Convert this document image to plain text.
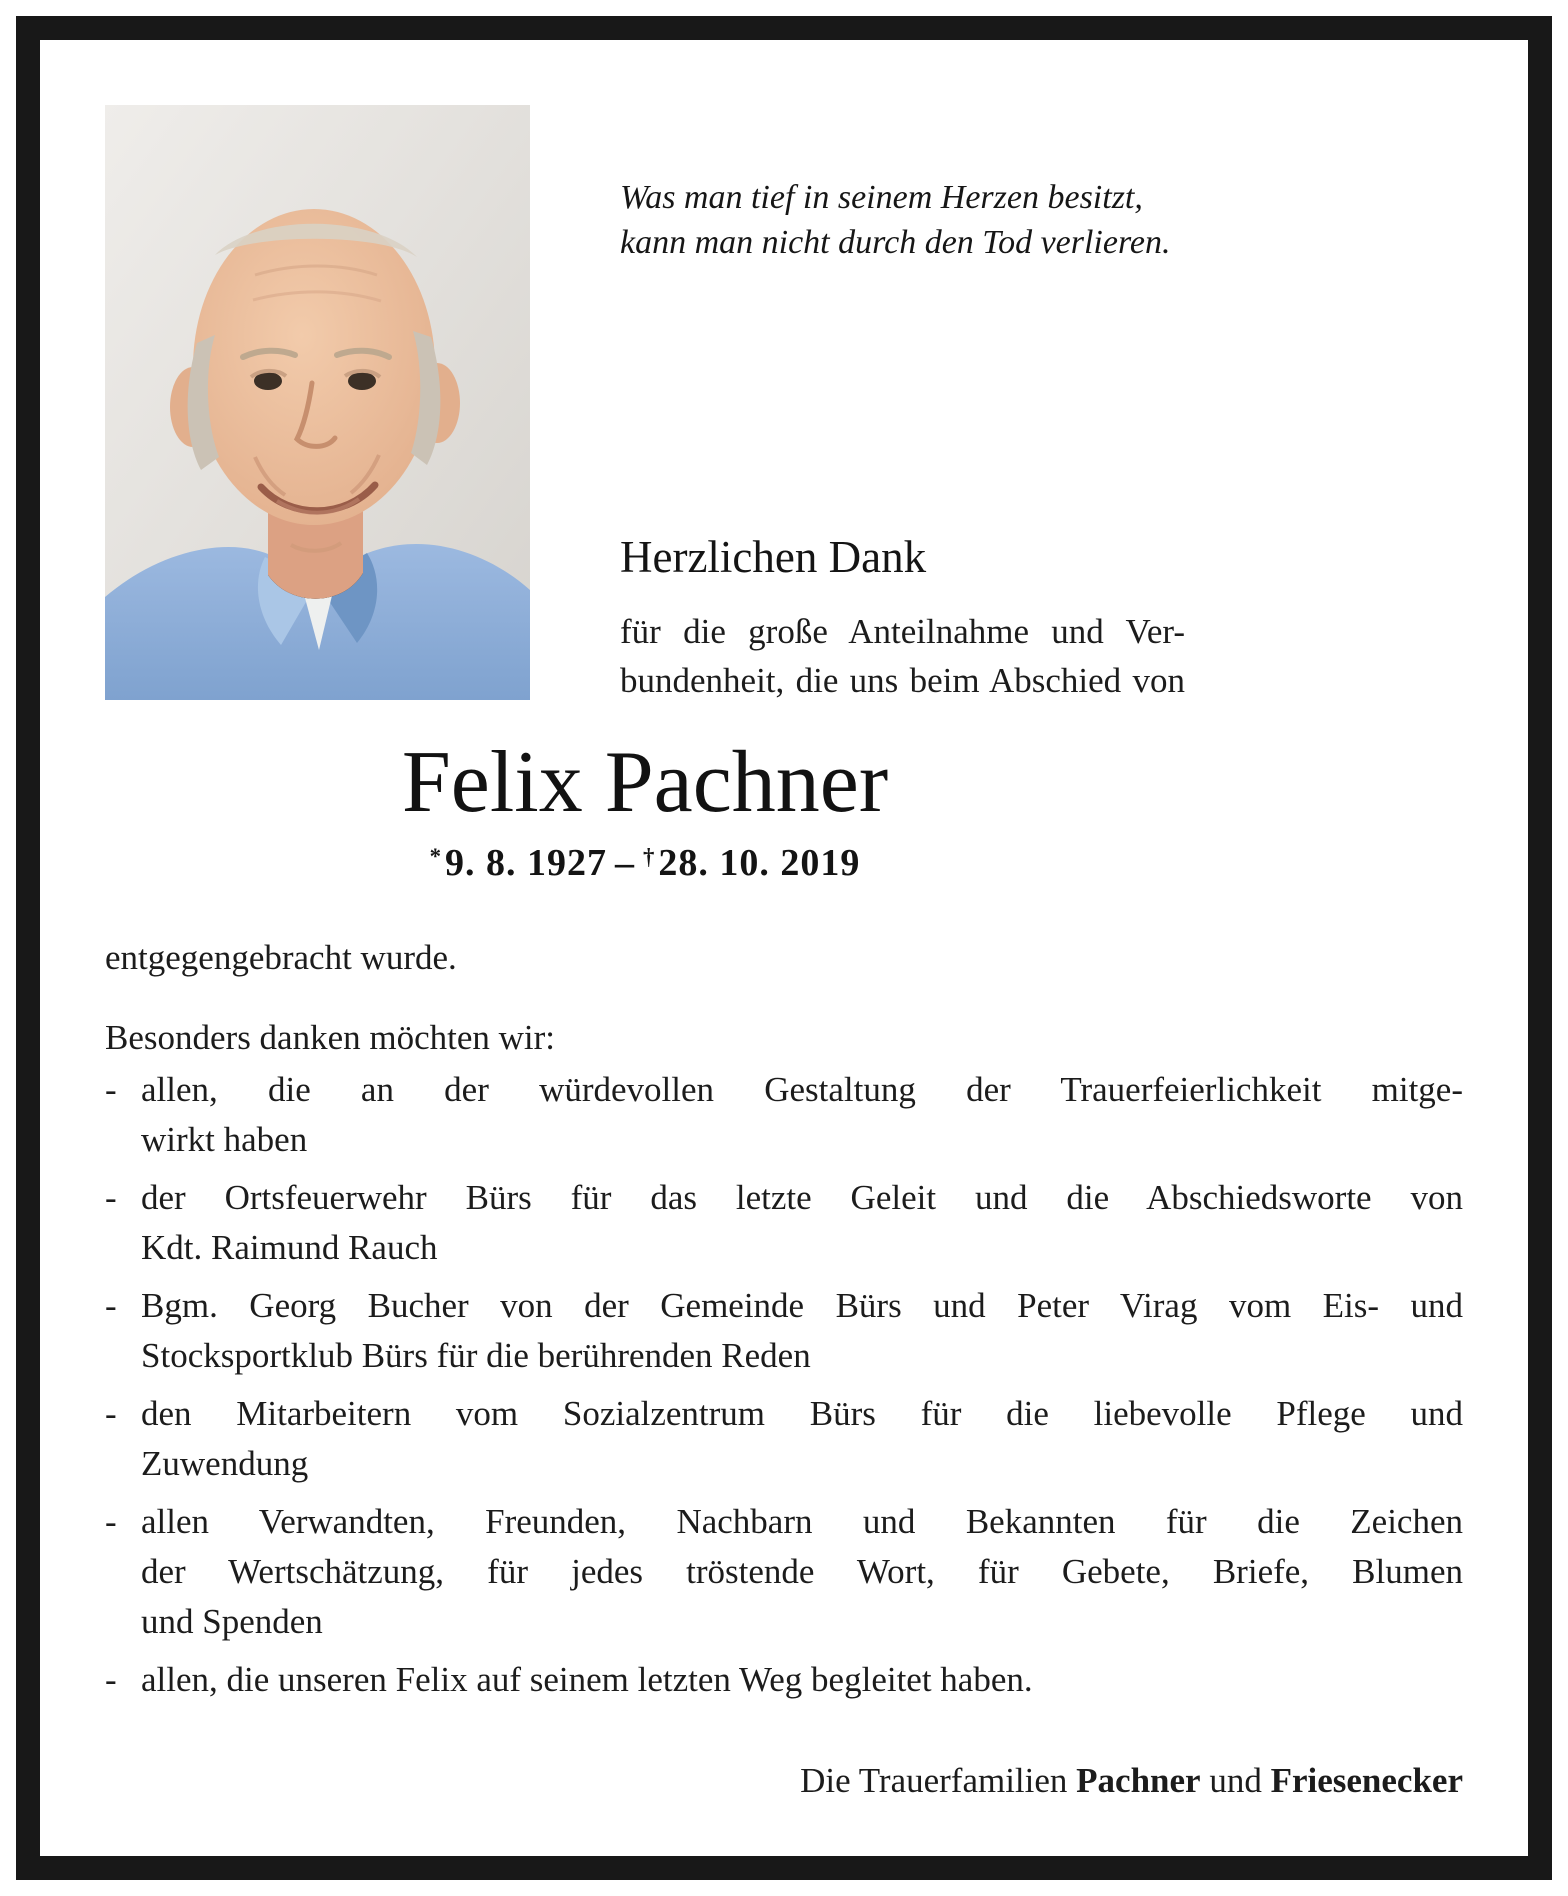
Was man tief in seinem Herzen besitzt,
kann man nicht durch den Tod verlieren.
Herzlichen Dank
für die große Anteilnahme und Ver-
bundenheit, die uns beim Abschied von
Felix Pachner
*9. 8. 1927 – †28. 10. 2019
entgegengebracht wurde.
Besonders danken möchten wir:
- allen, die an der würdevollen Gestaltung der Trauerfeierlichkeit mitge-
wirkt haben
- der Ortsfeuerwehr Bürs für das letzte Geleit und die Abschiedsworte von
Kdt. Raimund Rauch
- Bgm. Georg Bucher von der Gemeinde Bürs und Peter Virag vom Eis- und
Stocksportklub Bürs für die berührenden Reden
- den Mitarbeitern vom Sozialzentrum Bürs für die liebevolle Pflege und
Zuwendung
- allen Verwandten, Freunden, Nachbarn und Bekannten für die Zeichen
der Wertschätzung, für jedes tröstende Wort, für Gebete, Briefe, Blumen
und Spenden
- allen, die unseren Felix auf seinem letzten Weg begleitet haben.
Die Trauerfamilien Pachner und Friesenecker
